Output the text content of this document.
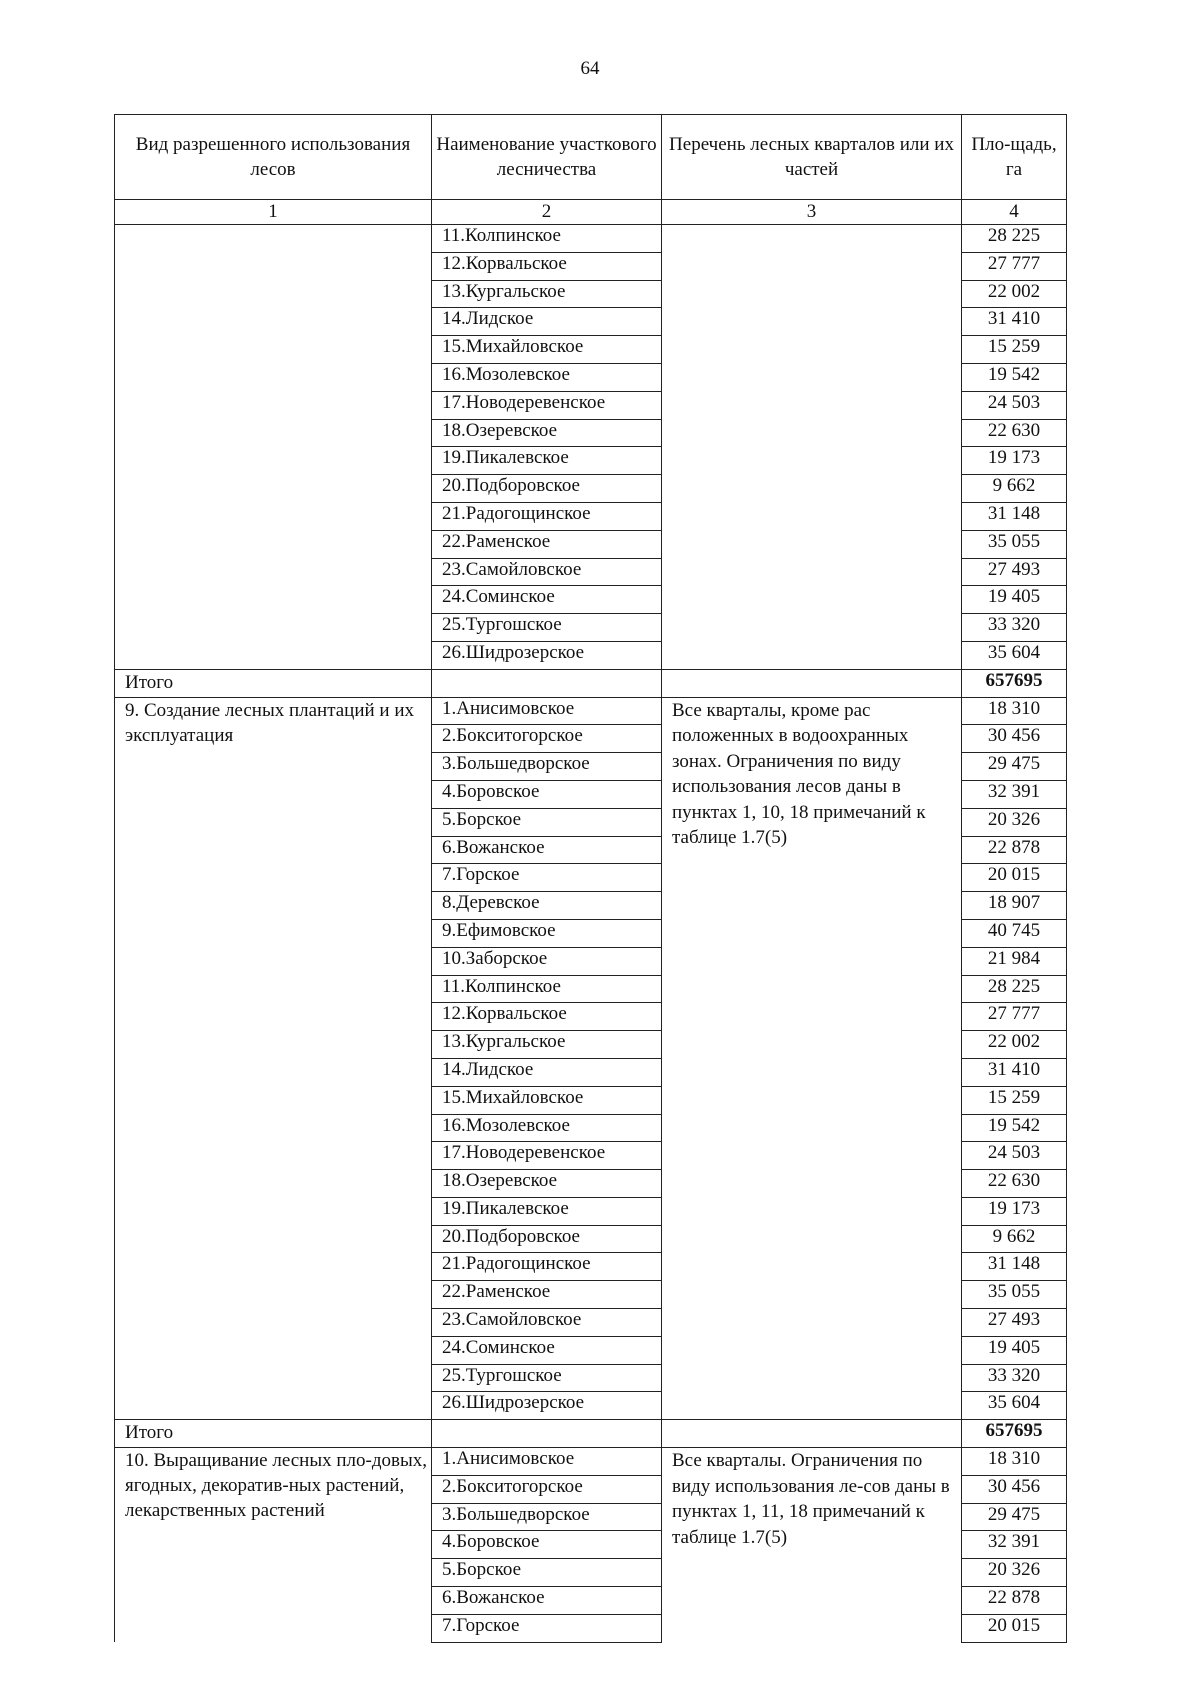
64
Вид разрешенного использования лесов	Наименование участкового лесничества	Перечень лесных кварталов или их частей	Пло-щадь, га
1	2	3	4
	11.Колпинское		28 225
	12.Корвальское		27 777
	13.Кургальское		22 002
	14.Лидское		31 410
	15.Михайловское		15 259
	16.Мозолевское		19 542
	17.Новодеревенское		24 503
	18.Озеревское		22 630
	19.Пикалевское		19 173
	20.Подборовское		9 662
	21.Радогощинское		31 148
	22.Раменское		35 055
	23.Самойловское		27 493
	24.Соминское		19 405
	25.Тургошское		33 320
	26.Шидрозерское		35 604
Итого			657695
9. Создание лесных плантаций и их эксплуатация	1.Анисимовское	Все кварталы, кроме рас положенных в водоохранных зонах. Ограничения по виду использования лесов даны в пунктах 1, 10, 18 примечаний к таблице 1.7(5)	18 310
	2.Бокситогорское		30 456
	3.Большедворское		29 475
	4.Боровское		32 391
	5.Борское		20 326
	6.Вожанское		22 878
	7.Горское		20 015
	8.Деревское		18 907
	9.Ефимовское		40 745
	10.Заборское		21 984
	11.Колпинское		28 225
	12.Корвальское		27 777
	13.Кургальское		22 002
	14.Лидское		31 410
	15.Михайловское		15 259
	16.Мозолевское		19 542
	17.Новодеревенское		24 503
	18.Озеревское		22 630
	19.Пикалевское		19 173
	20.Подборовское		9 662
	21.Радогощинское		31 148
	22.Раменское		35 055
	23.Самойловское		27 493
	24.Соминское		19 405
	25.Тургошское		33 320
	26.Шидрозерское		35 604
Итого			657695
10. Выращивание лесных пло-довых, ягодных, декоратив-ных растений, лекарственных растений	1.Анисимовское	Все кварталы. Ограничения по виду использования ле-сов даны в пунктах 1, 11, 18 примечаний к таблице 1.7(5)	18 310
	2.Бокситогорское		30 456
	3.Большедворское		29 475
	4.Боровское		32 391
	5.Борское		20 326
	6.Вожанское		22 878
	7.Горское		20 015
